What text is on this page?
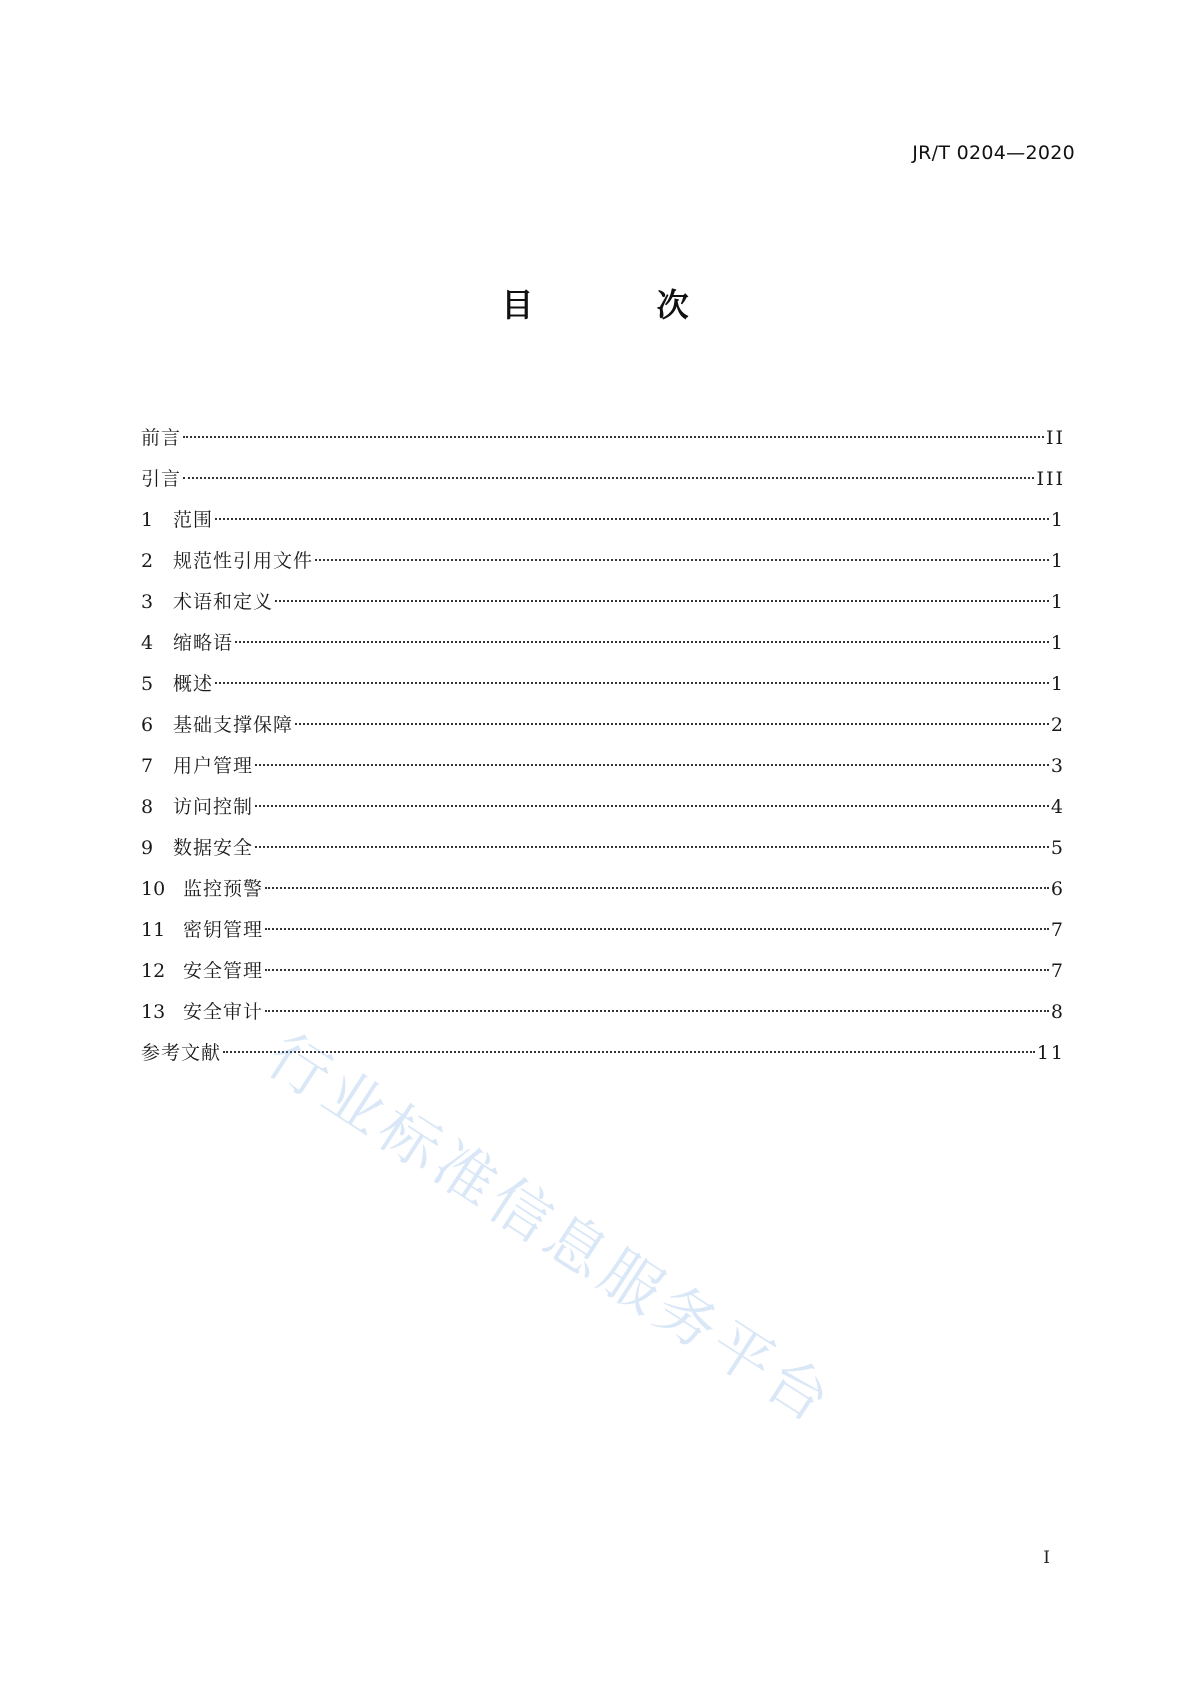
JR/T 0204—2020
目 次
前言	II
引言	III
1	范围	1
2	规范性引用文件	1
3	术语和定义	1
4	缩略语	1
5	概述	1
6	基础支撑保障	2
7	用户管理	3
8	访问控制	4
9	数据安全	5
10 监控预警	6
11 密钥管理	7
12 安全管理	7
13 安全审计	8
参考文献	11
行业标准信息服务平台
I
